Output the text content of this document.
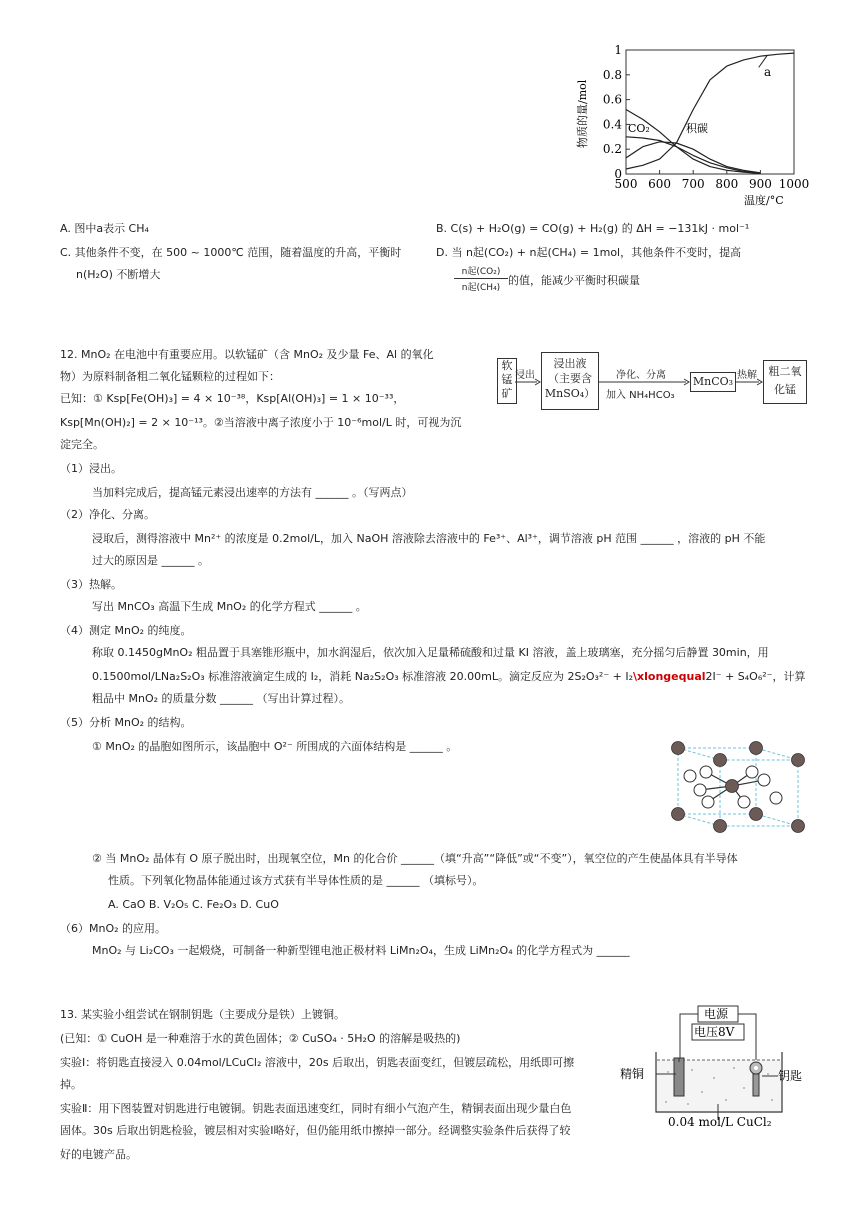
0
0.2
0.4
0.6
0.8
1
500 600 700 800 900 1000
物质的量/mol
温度/°C
a
CO₂	积碳
A. 图中a表示 CH₄	B. C(s) + H₂O(g) = CO(g) + H₂(g) 的 ΔH = −131kJ · mol⁻¹
C. 其他条件不变，在 500 ~ 1000℃ 范围，随着温度的升高，平衡时
n(H₂O) 不断增大
D. 当 n起(CO₂) + n起(CH₄) = 1mol，其他条件不变时，提高
n起(CO₂)
n起(CH₄)
的值，能减少平衡时积碳量
12. MnO₂ 在电池中有重要应用。以软锰矿（含 MnO₂ 及少量 Fe、Al 的氧化
物）为原料制备粗二氧化锰颗粒的过程如下：
已知：① Ksp[Fe(OH)₃] = 4 × 10⁻³⁸，Ksp[Al(OH)₃] = 1 × 10⁻³³，
Ksp[Mn(OH)₂] = 2 × 10⁻¹³。②当溶液中离子浓度小于 10⁻⁶mol/L 时，可视为沉
淀完全。
软锰矿
浸出
浸出液
（主要含
MnSO₄）
净化、分离
加入 NH₄HCO₃
MnCO₃ 热解	粗二氧
化锰
（1）浸出。
当加料完成后，提高锰元素浸出速率的方法有 ______ 。（写两点）
（2）净化、分离。
浸取后，测得溶液中 Mn²⁺ 的浓度是 0.2mol/L，加入 NaOH 溶液除去溶液中的 Fe³⁺、Al³⁺，调节溶液 pH 范围 ______ ，溶液的 pH 不能
过大的原因是 ______ 。
（3）热解。
写出 MnCO₃ 高温下生成 MnO₂ 的化学方程式 ______ 。
（4）测定 MnO₂ 的纯度。
称取 0.1450gMnO₂ 粗品置于具塞锥形瓶中，加水润湿后，依次加入足量稀硫酸和过量 KI 溶液，盖上玻璃塞，充分摇匀后静置 30min，用
0.1500mol/LNa₂S₂O₃ 标准溶液滴定生成的 I₂，消耗 Na₂S₂O₃ 标准溶液 20.00mL。滴定反应为 2S₂O₃²⁻ + I₂\xlongequal2I⁻ + S₄O₆²⁻，计算
粗品中 MnO₂ 的质量分数 ______ （写出计算过程）。
（5）分析 MnO₂ 的结构。
① MnO₂ 的晶胞如图所示，该晶胞中 O²⁻ 所围成的六面体结构是 ______ 。
② 当 MnO₂ 晶体有 O 原子脱出时，出现氧空位，Mn 的化合价 ______（填“升高”“降低”或“不变”），氧空位的产生使晶体具有半导体
性质。下列氧化物晶体能通过该方式获有半导体性质的是 ______ （填标号）。
A. CaO B. V₂O₅ C. Fe₂O₃ D. CuO
（6）MnO₂ 的应用。
MnO₂ 与 Li₂CO₃ 一起煅烧，可制备一种新型锂电池正极材料 LiMn₂O₄，生成 LiMn₂O₄ 的化学方程式为 ______
13. 某实验小组尝试在钢制钥匙（主要成分是铁）上镀铜。
(已知：① CuOH 是一种难溶于水的黄色固体；② CuSO₄ · 5H₂O 的溶解是吸热的)
实验Ⅰ：将钥匙直接浸入 0.04mol/LCuCl₂ 溶液中，20s 后取出，钥匙表面变红，但镀层疏松，用纸即可擦
掉。
实验Ⅱ：用下图装置对钥匙进行电镀铜。钥匙表面迅速变红，同时有细小气泡产生，精铜表面出现少量白色
固体。30s 后取出钥匙检验，镀层相对实验Ⅰ略好，但仍能用纸巾擦掉一部分。经调整实验条件后获得了较
好的电镀产品。
电源
电压8V
精铜	钥匙
0.04 mol/L CuCl₂
